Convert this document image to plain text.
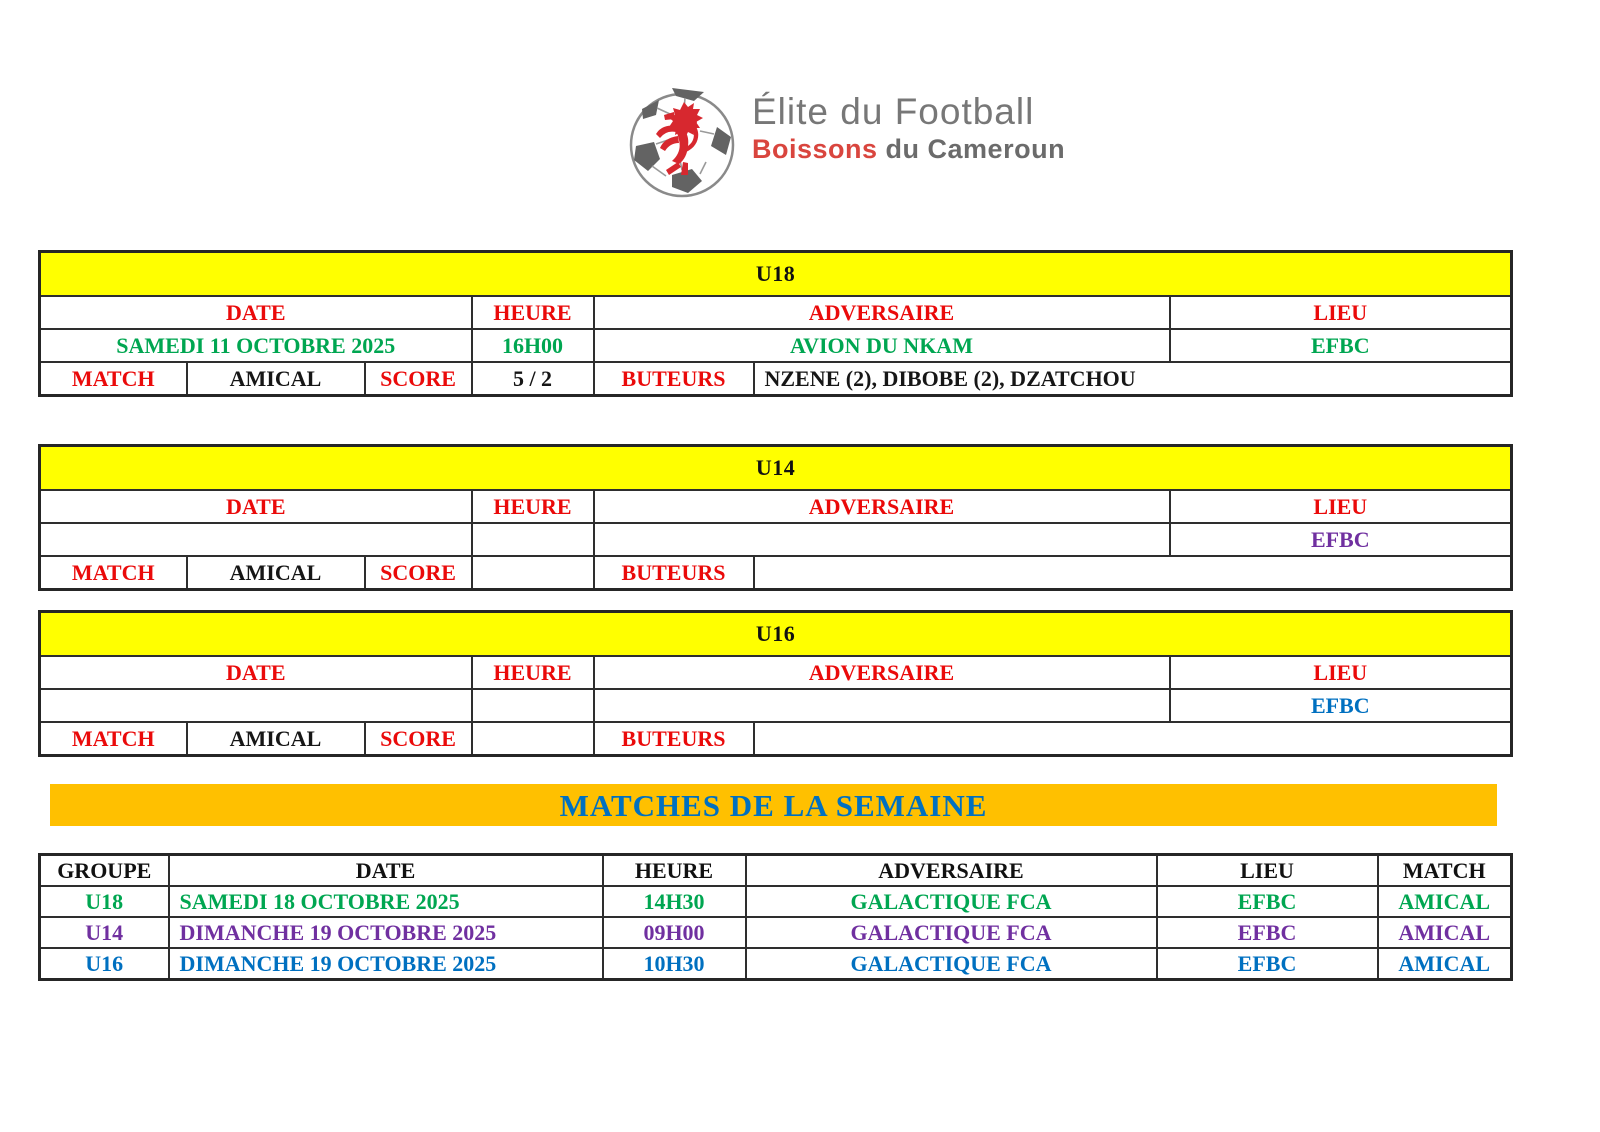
Élite du Football
Boissons du Cameroun
U18						
DATE			HEURE	ADVERSAIRE		LIEU
SAMEDI 11 OCTOBRE 2025			16H00	AVION DU NKAM		EFBC
MATCH	AMICAL	SCORE	5 / 2	BUTEURS	NZENE (2), DIBOBE (2), DZATCHOU	
U14						
DATE			HEURE	ADVERSAIRE		LIEU
						EFBC
MATCH	AMICAL	SCORE		BUTEURS		
U16						
DATE			HEURE	ADVERSAIRE		LIEU
						EFBC
MATCH	AMICAL	SCORE		BUTEURS		
MATCHES DE LA SEMAINE
GROUPE	DATE	HEURE	ADVERSAIRE	LIEU	MATCH
U18	SAMEDI 18 OCTOBRE 2025	14H30	GALACTIQUE FCA	EFBC	AMICAL
U14	DIMANCHE 19 OCTOBRE 2025	09H00	GALACTIQUE FCA	EFBC	AMICAL
U16	DIMANCHE 19 OCTOBRE 2025	10H30	GALACTIQUE FCA	EFBC	AMICAL
